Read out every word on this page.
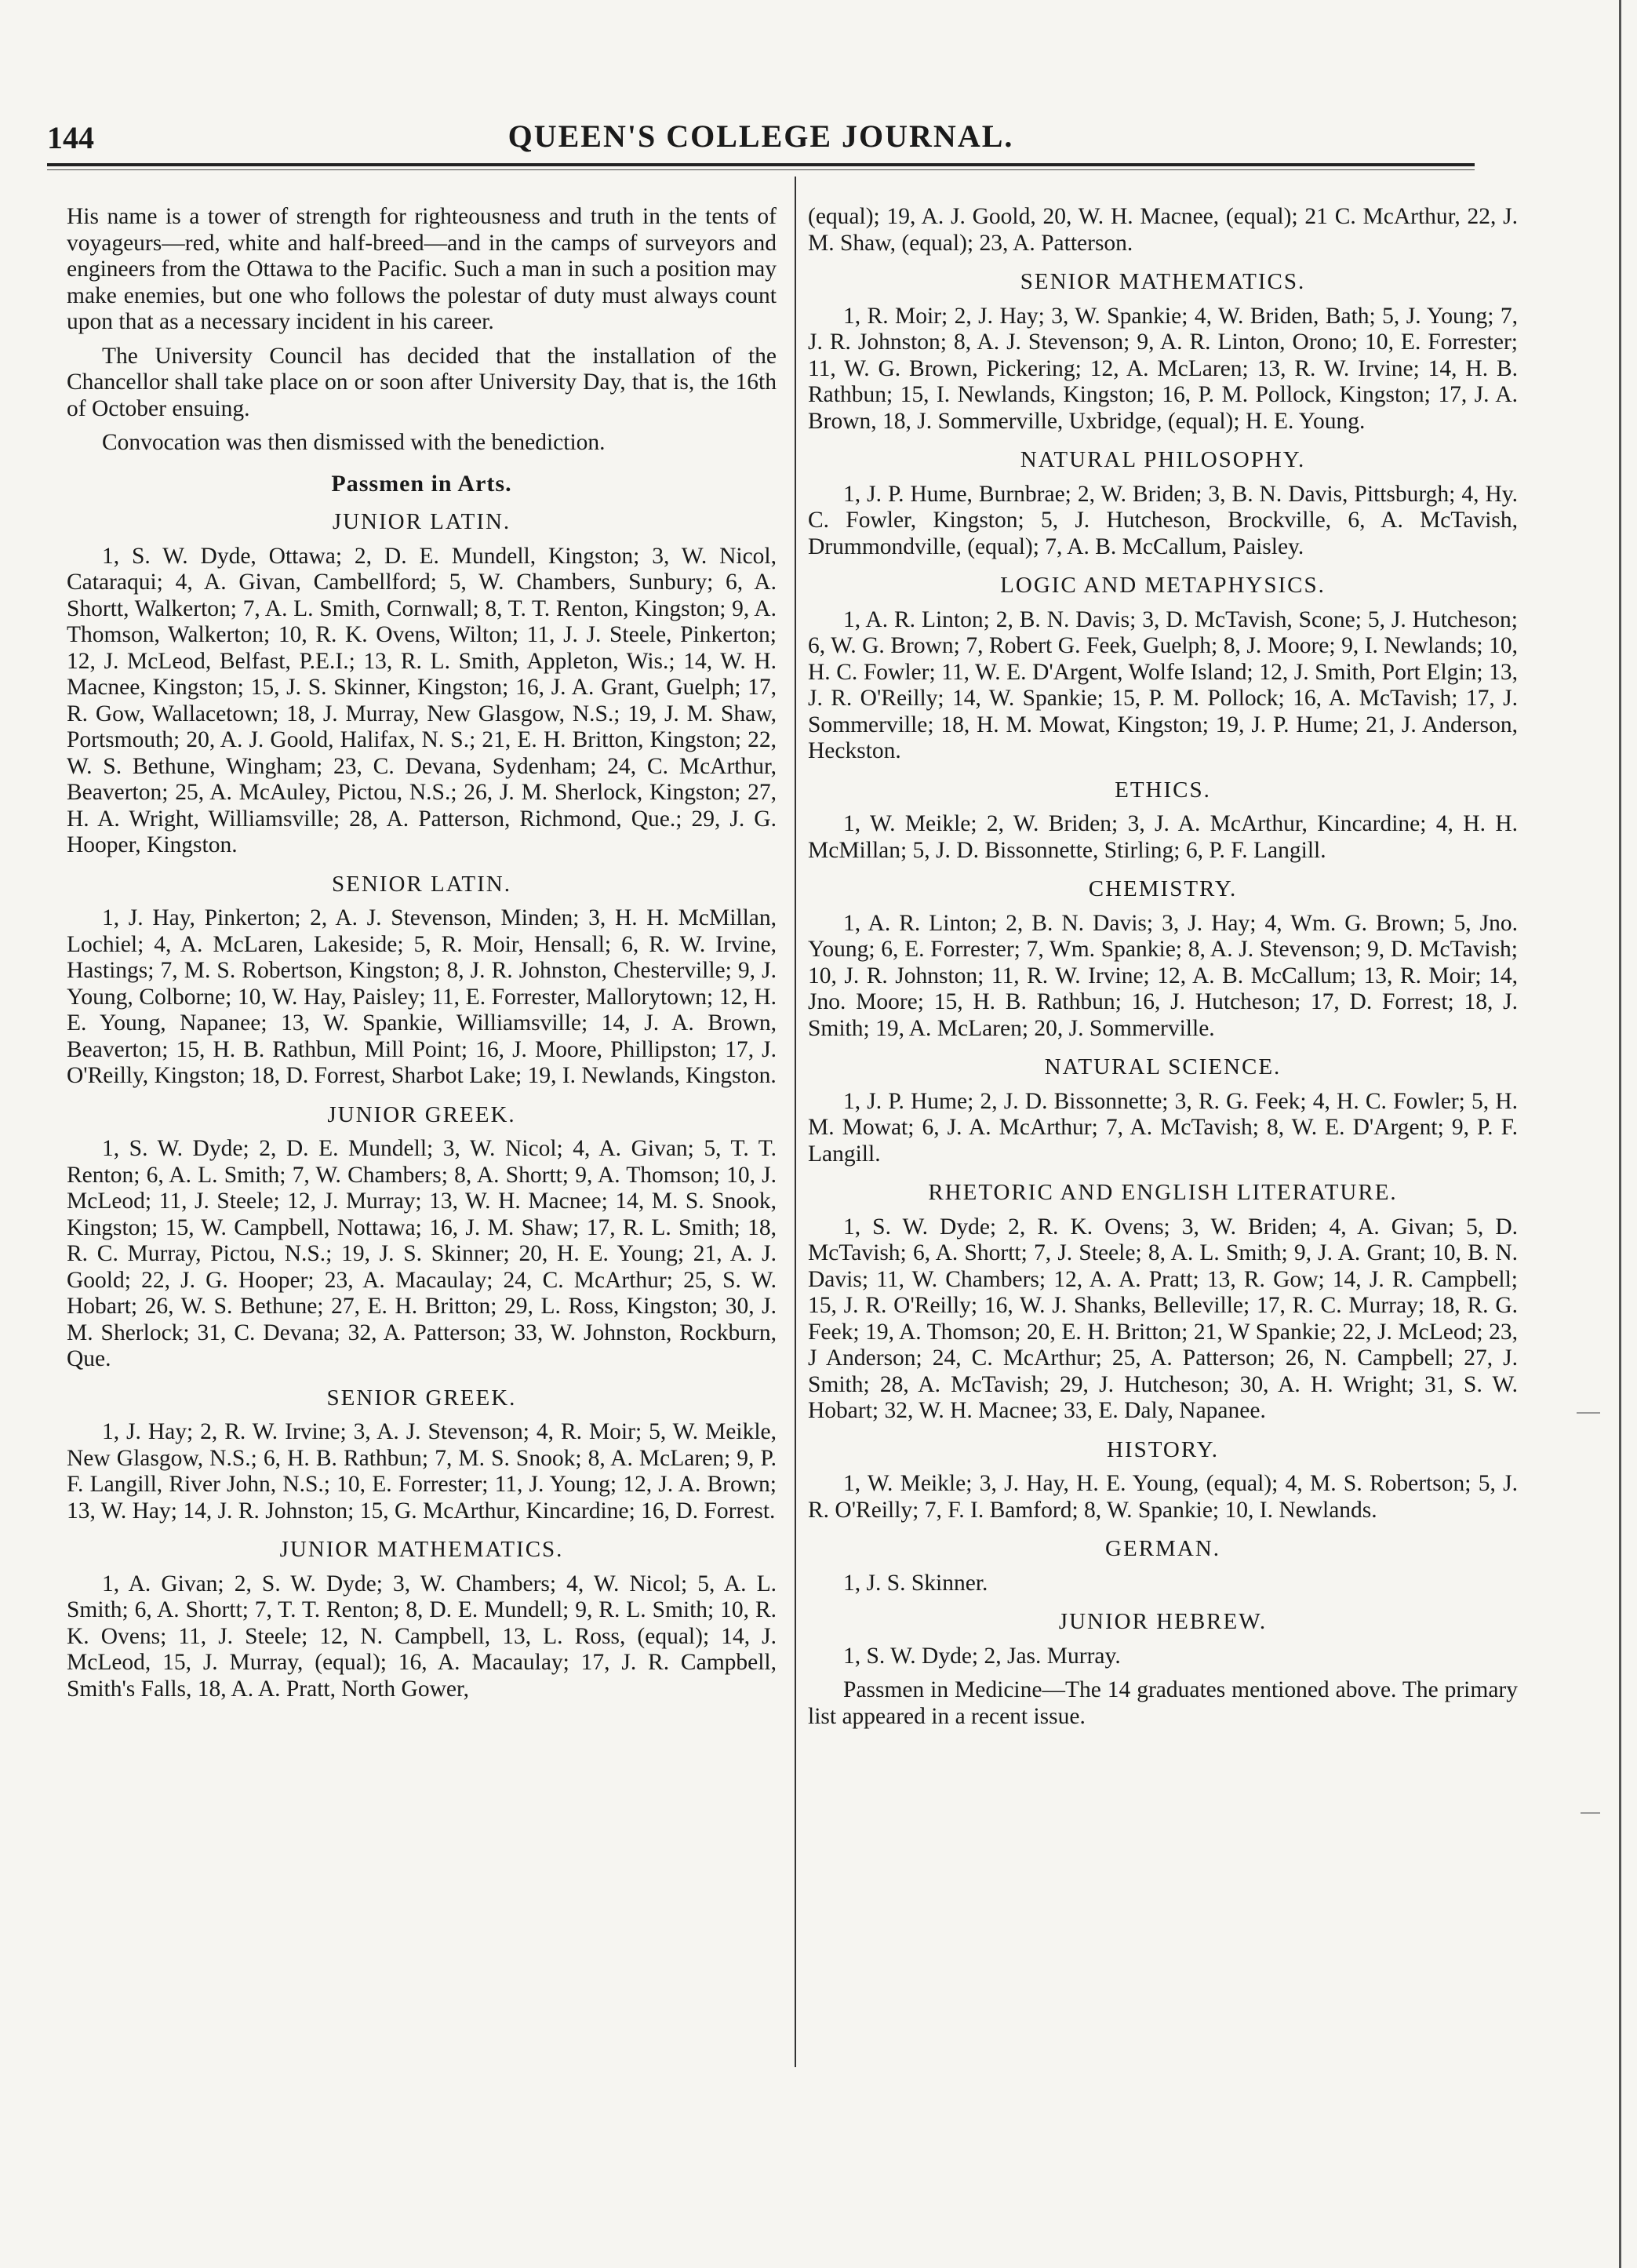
144	QUEEN'S COLLEGE JOURNAL.

His name is a tower of strength for righteousness and truth in the tents of voyageurs—red, white and half-breed—and in the camps of surveyors and engineers from the Ottawa to the Pacific. Such a man in such a position may make enemies, but one who follows the polestar of duty must always count upon that as a necessary incident in his career.

The University Council has decided that the installation of the Chancellor shall take place on or soon after University Day, that is, the 16th of October ensuing.

Convocation was then dismissed with the benediction.

Passmen in Arts.
JUNIOR LATIN.

1, S. W. Dyde, Ottawa; 2, D. E. Mundell, Kingston; 3, W. Nicol, Cataraqui; 4, A. Givan, Cambellford; 5, W. Chambers, Sunbury; 6, A. Shortt, Walkerton; 7, A. L. Smith, Cornwall; 8, T. T. Renton, Kingston; 9, A. Thomson, Walkerton; 10, R. K. Ovens, Wilton; 11, J. J. Steele, Pinkerton; 12, J. McLeod, Belfast, P.E.I.; 13, R. L. Smith, Appleton, Wis.; 14, W. H. Macnee, Kingston; 15, J. S. Skinner, Kingston; 16, J. A. Grant, Guelph; 17, R. Gow, Wallacetown; 18, J. Murray, New Glasgow, N.S.; 19, J. M. Shaw, Portsmouth; 20, A. J. Goold, Halifax, N. S.; 21, E. H. Britton, Kingston; 22, W. S. Bethune, Wingham; 23, C. Devana, Sydenham; 24, C. McArthur, Beaverton; 25, A. McAuley, Pictou, N.S.; 26, J. M. Sherlock, Kingston; 27, H. A. Wright, Williamsville; 28, A. Patterson, Richmond, Que.; 29, J. G. Hooper, Kingston.

SENIOR LATIN.

1, J. Hay, Pinkerton; 2, A. J. Stevenson, Minden; 3, H. H. McMillan, Lochiel; 4, A. McLaren, Lakeside; 5, R. Moir, Hensall; 6, R. W. Irvine, Hastings; 7, M. S. Robertson, Kingston; 8, J. R. Johnston, Chesterville; 9, J. Young, Colborne; 10, W. Hay, Paisley; 11, E. Forrester, Mallorytown; 12, H. E. Young, Napanee; 13, W. Spankie, Williamsville; 14, J. A. Brown, Beaverton; 15, H. B. Rathbun, Mill Point; 16, J. Moore, Phillipston; 17, J. O'Reilly, Kingston; 18, D. Forrest, Sharbot Lake; 19, I. Newlands, Kingston.

JUNIOR GREEK.

1, S. W. Dyde; 2, D. E. Mundell; 3, W. Nicol; 4, A. Givan; 5, T. T. Renton; 6, A. L. Smith; 7, W. Chambers; 8, A. Shortt; 9, A. Thomson; 10, J. McLeod; 11, J. Steele; 12, J. Murray; 13, W. H. Macnee; 14, M. S. Snook, Kingston; 15, W. Campbell, Nottawa; 16, J. M. Shaw; 17, R. L. Smith; 18, R. C. Murray, Pictou, N.S.; 19, J. S. Skinner; 20, H. E. Young; 21, A. J. Goold; 22, J. G. Hooper; 23, A. Macaulay; 24, C. McArthur; 25, S. W. Hobart; 26, W. S. Bethune; 27, E. H. Britton; 29, L. Ross, Kingston; 30, J. M. Sherlock; 31, C. Devana; 32, A. Patterson; 33, W. Johnston, Rockburn, Que.

SENIOR GREEK.

1, J. Hay; 2, R. W. Irvine; 3, A. J. Stevenson; 4, R. Moir; 5, W. Meikle, New Glasgow, N.S.; 6, H. B. Rathbun; 7, M. S. Snook; 8, A. McLaren; 9, P. F. Langill, River John, N.S.; 10, E. Forrester; 11, J. Young; 12, J. A. Brown; 13, W. Hay; 14, J. R. Johnston; 15, G. McArthur, Kincardine; 16, D. Forrest.

JUNIOR MATHEMATICS.

1, A. Givan; 2, S. W. Dyde; 3, W. Chambers; 4, W. Nicol; 5, A. L. Smith; 6, A. Shortt; 7, T. T. Renton; 8, D. E. Mundell; 9, R. L. Smith; 10, R. K. Ovens; 11, J. Steele; 12, N. Campbell, 13, L. Ross, (equal); 14, J. McLeod, 15, J. Murray, (equal); 16, A. Macaulay; 17, J. R. Campbell, Smith's Falls, 18, A. A. Pratt, North Gower,

(equal); 19, A. J. Goold, 20, W. H. Macnee, (equal); 21 C. McArthur, 22, J. M. Shaw, (equal); 23, A. Patterson.

SENIOR MATHEMATICS.

1, R. Moir; 2, J. Hay; 3, W. Spankie; 4, W. Briden, Bath; 5, J. Young; 7, J. R. Johnston; 8, A. J. Stevenson; 9, A. R. Linton, Orono; 10, E. Forrester; 11, W. G. Brown, Pickering; 12, A. McLaren; 13, R. W. Irvine; 14, H. B. Rathbun; 15, I. Newlands, Kingston; 16, P. M. Pollock, Kingston; 17, J. A. Brown, 18, J. Sommerville, Uxbridge, (equal); H. E. Young.

NATURAL PHILOSOPHY.

1, J. P. Hume, Burnbrae; 2, W. Briden; 3, B. N. Davis, Pittsburgh; 4, Hy. C. Fowler, Kingston; 5, J. Hutcheson, Brockville, 6, A. McTavish, Drummondville, (equal); 7, A. B. McCallum, Paisley.

LOGIC AND METAPHYSICS.

1, A. R. Linton; 2, B. N. Davis; 3, D. McTavish, Scone; 5, J. Hutcheson; 6, W. G. Brown; 7, Robert G. Feek, Guelph; 8, J. Moore; 9, I. Newlands; 10, H. C. Fowler; 11, W. E. D'Argent, Wolfe Island; 12, J. Smith, Port Elgin; 13, J. R. O'Reilly; 14, W. Spankie; 15, P. M. Pollock; 16, A. McTavish; 17, J. Sommerville; 18, H. M. Mowat, Kingston; 19, J. P. Hume; 21, J. Anderson, Heckston.

ETHICS.

1, W. Meikle; 2, W. Briden; 3, J. A. McArthur, Kincardine; 4, H. H. McMillan; 5, J. D. Bissonnette, Stirling; 6, P. F. Langill.

CHEMISTRY.

1, A. R. Linton; 2, B. N. Davis; 3, J. Hay; 4, Wm. G. Brown; 5, Jno. Young; 6, E. Forrester; 7, Wm. Spankie; 8, A. J. Stevenson; 9, D. McTavish; 10, J. R. Johnston; 11, R. W. Irvine; 12, A. B. McCallum; 13, R. Moir; 14, Jno. Moore; 15, H. B. Rathbun; 16, J. Hutcheson; 17, D. Forrest; 18, J. Smith; 19, A. McLaren; 20, J. Sommerville.

NATURAL SCIENCE.

1, J. P. Hume; 2, J. D. Bissonnette; 3, R. G. Feek; 4, H. C. Fowler; 5, H. M. Mowat; 6, J. A. McArthur; 7, A. McTavish; 8, W. E. D'Argent; 9, P. F. Langill.

RHETORIC AND ENGLISH LITERATURE.

1, S. W. Dyde; 2, R. K. Ovens; 3, W. Briden; 4, A. Givan; 5, D. McTavish; 6, A. Shortt; 7, J. Steele; 8, A. L. Smith; 9, J. A. Grant; 10, B. N. Davis; 11, W. Chambers; 12, A. A. Pratt; 13, R. Gow; 14, J. R. Campbell; 15, J. R. O'Reilly; 16, W. J. Shanks, Belleville; 17, R. C. Murray; 18, R. G. Feek; 19, A. Thomson; 20, E. H. Britton; 21, W Spankie; 22, J. McLeod; 23, J Anderson; 24, C. McArthur; 25, A. Patterson; 26, N. Campbell; 27, J. Smith; 28, A. McTavish; 29, J. Hutcheson; 30, A. H. Wright; 31, S. W. Hobart; 32, W. H. Macnee; 33, E. Daly, Napanee.

HISTORY.

1, W. Meikle; 3, J. Hay, H. E. Young, (equal); 4, M. S. Robertson; 5, J. R. O'Reilly; 7, F. I. Bamford; 8, W. Spankie; 10, I. Newlands.

GERMAN.

1, J. S. Skinner.

JUNIOR HEBREW.

1, S. W. Dyde; 2, Jas. Murray.

Passmen in Medicine—The 14 graduates mentioned above. The primary list appeared in a recent issue.
